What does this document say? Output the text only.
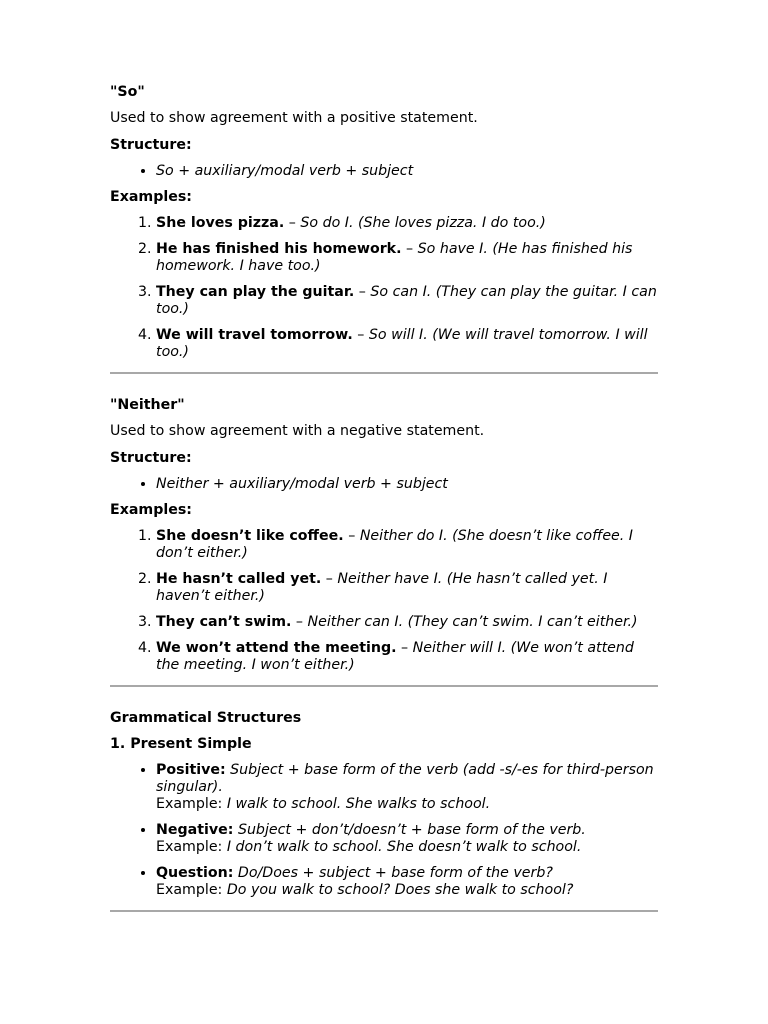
"So"

Used to show agreement with a positive statement.

Structure:
• So + auxiliary/modal verb + subject
Examples:
1. She loves pizza. – So do I. (She loves pizza. I do too.)
2. He has finished his homework. – So have I. (He has finished his homework. I have too.)
3. They can play the guitar. – So can I. (They can play the guitar. I can too.)
4. We will travel tomorrow. – So will I. (We will travel tomorrow. I will too.)
"Neither"

Used to show agreement with a negative statement.

Structure:
• Neither + auxiliary/modal verb + subject
Examples:
1. She doesn’t like coffee. – Neither do I. (She doesn’t like coffee. I don’t either.)
2. He hasn’t called yet. – Neither have I. (He hasn’t called yet. I haven’t either.)
3. They can’t swim. – Neither can I. (They can’t swim. I can’t either.)
4. We won’t attend the meeting. – Neither will I. (We won’t attend the meeting. I won’t either.)
Grammatical Structures
1. Present Simple
• Positive: Subject + base form of the verb (add -s/-es for third-person singular).
Example: I walk to school. She walks to school.
• Negative: Subject + don’t/doesn’t + base form of the verb.
Example: I don’t walk to school. She doesn’t walk to school.
• Question: Do/Does + subject + base form of the verb?
Example: Do you walk to school? Does she walk to school?
